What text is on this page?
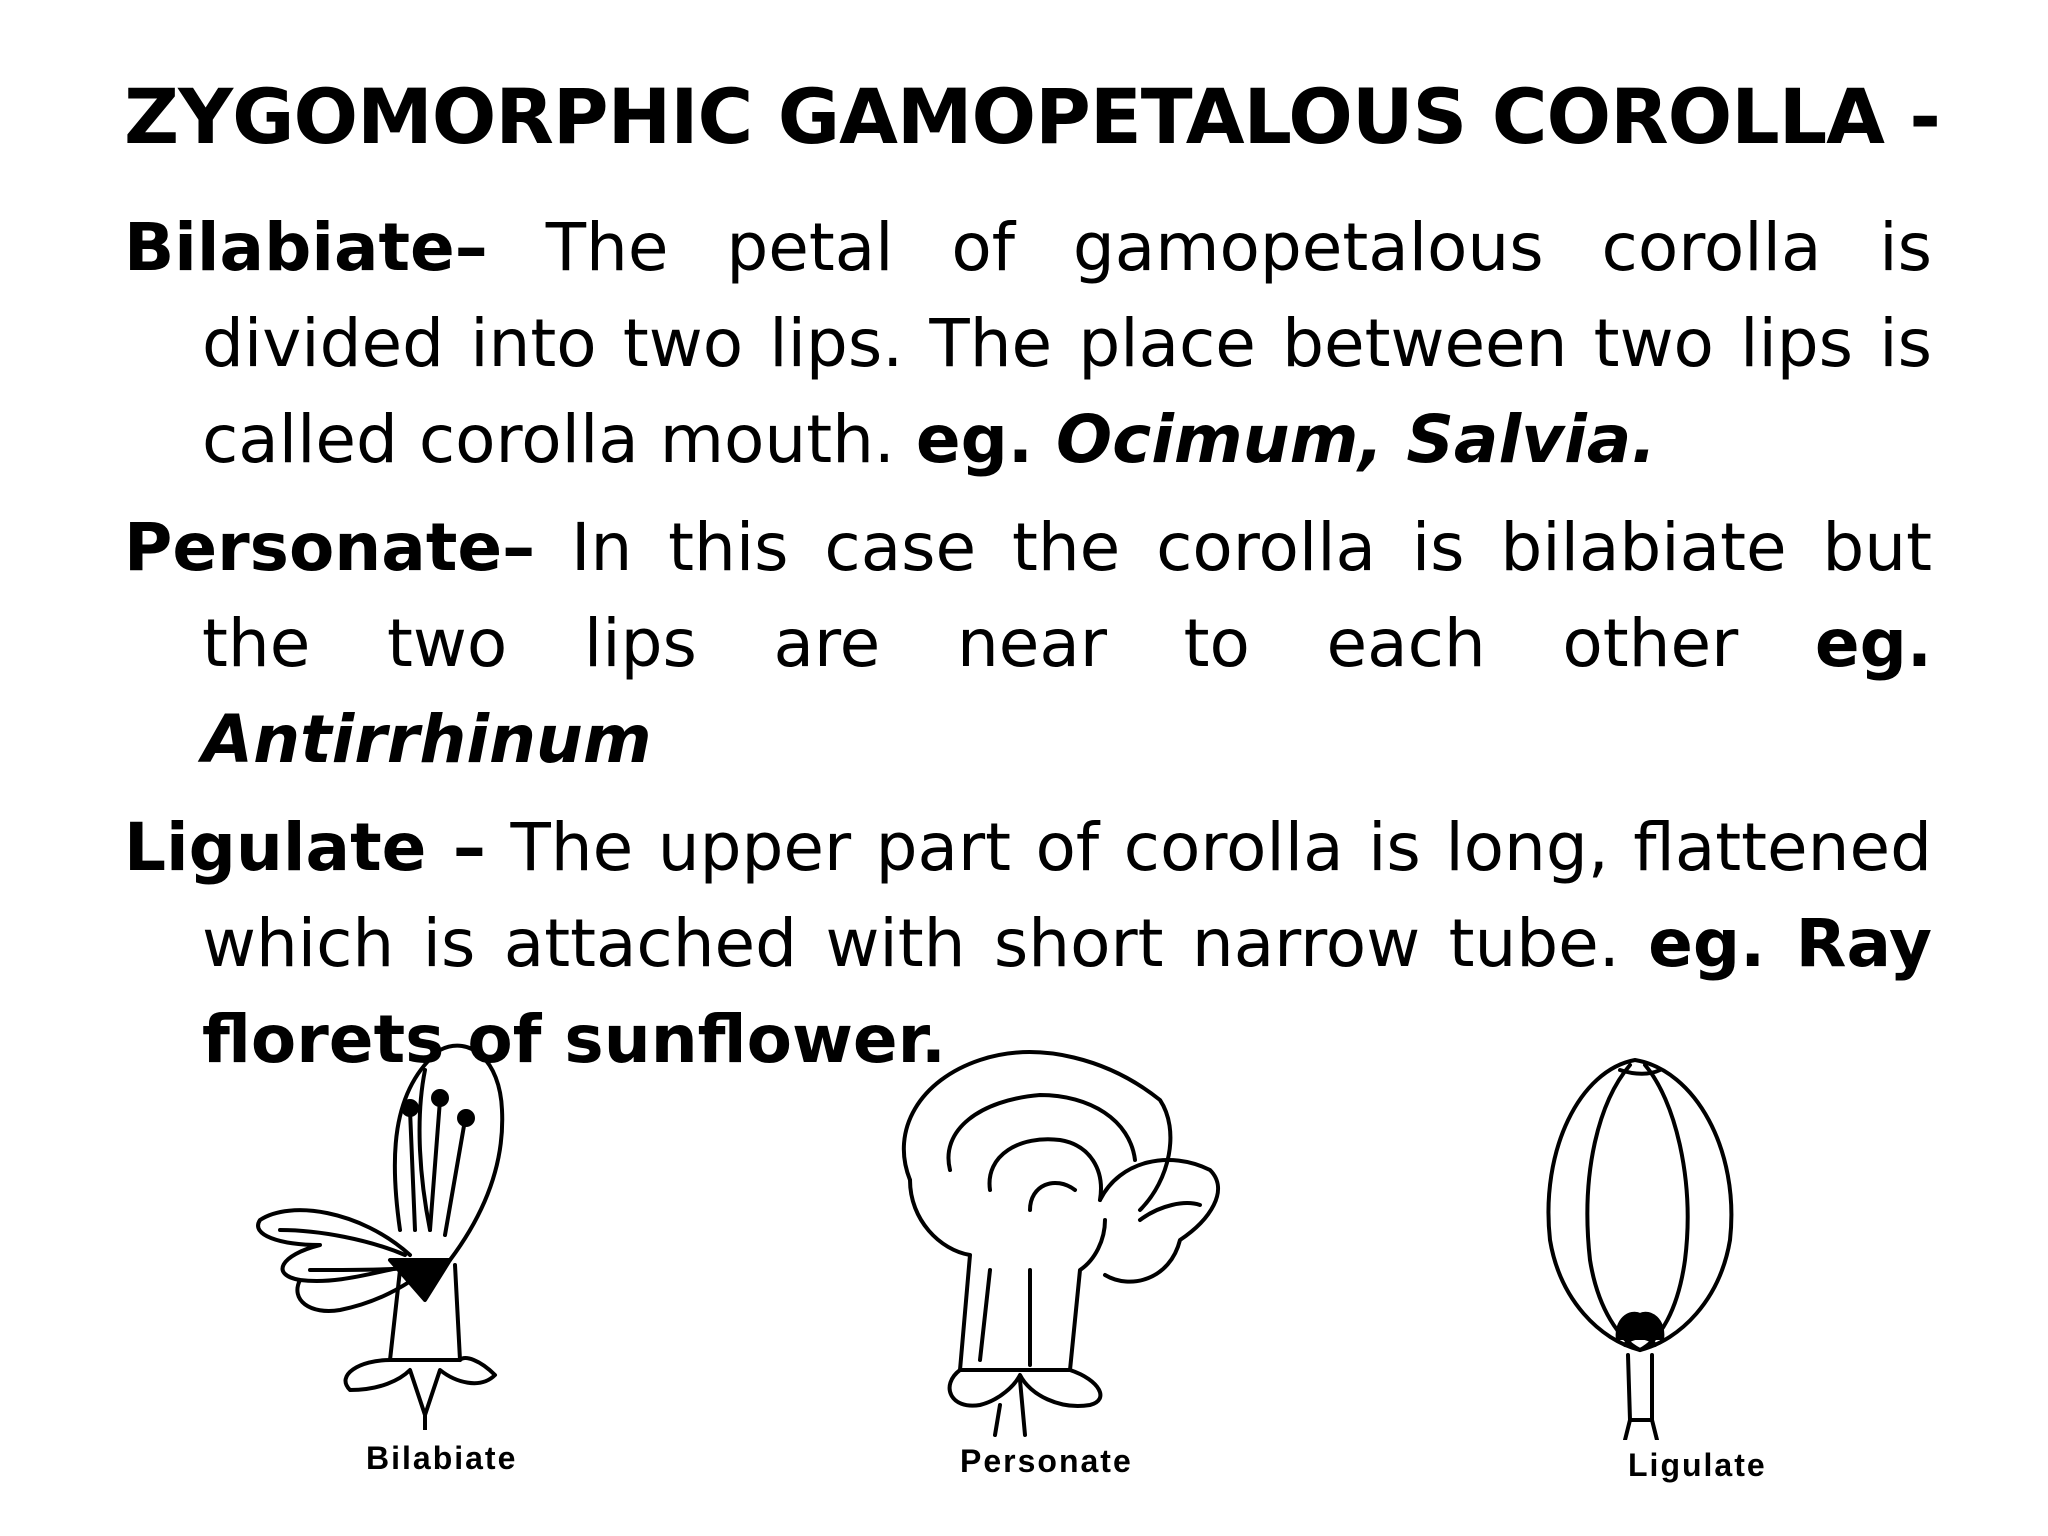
ZYGOMORPHIC GAMOPETALOUS COROLLA -

Bilabiate– The petal of gamopetalous corolla is divided into two lips. The place between two lips is called corolla mouth. eg. Ocimum, Salvia.

Personate– In this case the corolla is bilabiate but the two lips are near to each other eg. Antirrhinum

Ligulate – The upper part of corolla is long, flattened which is attached with short narrow tube. eg. Ray florets of sunflower.

Bilabiate	Personate	Ligulate
